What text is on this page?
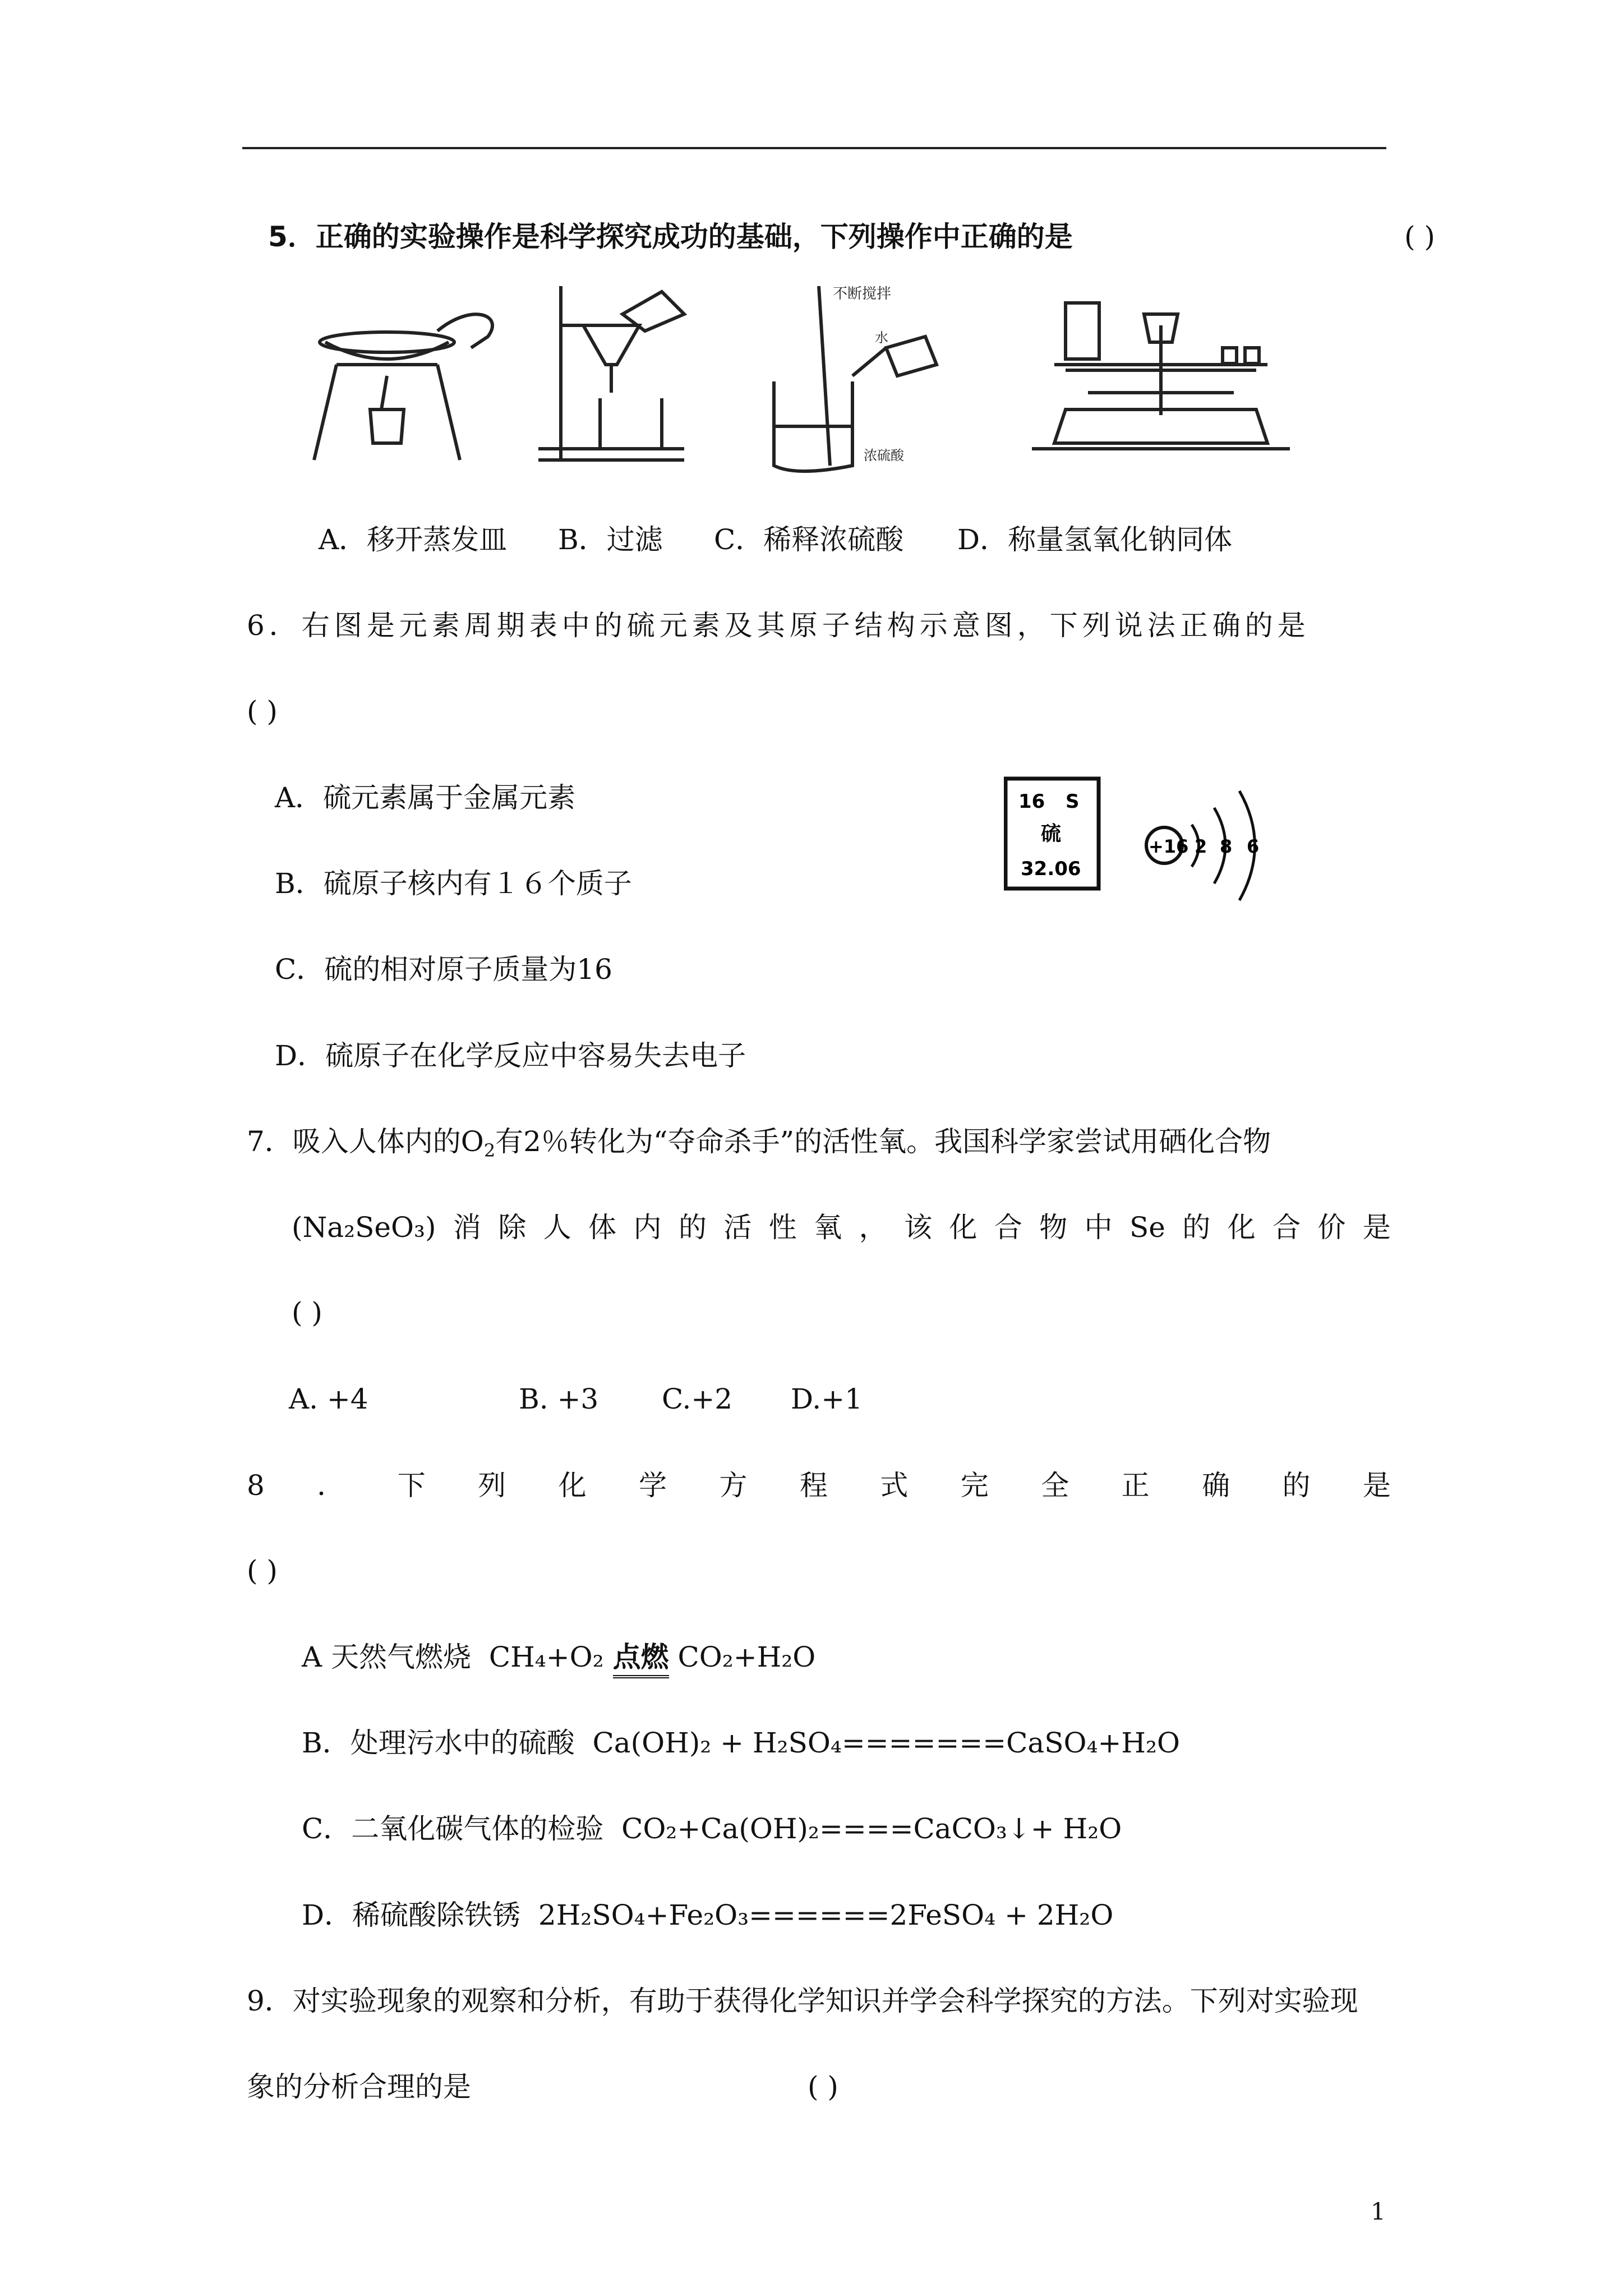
5．正确的实验操作是科学探究成功的基础，下列操作中正确的是	( )
不断搅拌
水
浓硫酸
A．移开蒸发皿 B．过滤 C．稀释浓硫酸 D．称量氢氧化钠同体
6．右图是元素周期表中的硫元素及其原子结构示意图，下列说法正确的是
( )
A．硫元素属于金属元素
B．硫原子核内有１６个质子
C．硫的相对原子质量为16
D．硫原子在化学反应中容易失去电子
16 S
硫
32.06
+16 2 8 6
7．吸入人体内的$O_2$有2％转化为“夺命杀手”的活性氧。我国科学家尝试用硒化合物
(Na₂SeO₃) 消 除 人 体 内 的 活 性 氧 ， 该 化 合 物 中 Se 的 化 合 价 是
( )
A. +4	B. +3 C.+2 D.+1
8 ． 下 列 化 学 方 程 式 完 全 正 确 的 是
( )
A 天然气燃烧 CH₄+O₂ 点燃 CO₂+H₂O
B．处理污水中的硫酸 Ca(OH)₂ + H₂SO₄=======CaSO₄+H₂O
C．二氧化碳气体的检验 CO₂+Ca(OH)₂====CaCO₃↓+ H₂O
D．稀硫酸除铁锈 2H₂SO₄+Fe₂O₃======2FeSO₄ + 2H₂O
9．对实验现象的观察和分析，有助于获得化学知识并学会科学探究的方法。下列对实验现
象的分析合理的是	( )
1
